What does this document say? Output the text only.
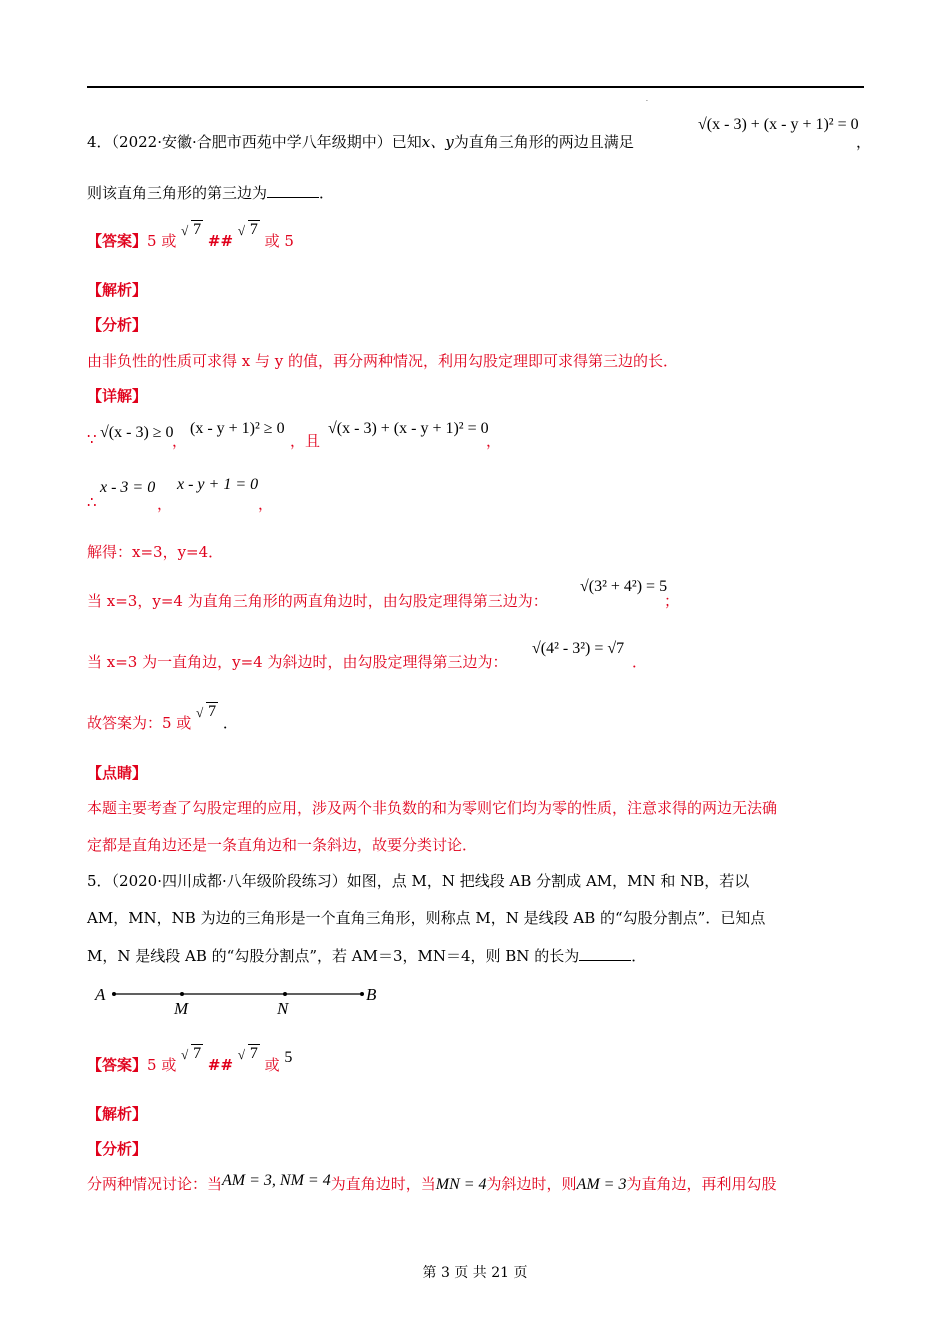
.
4．（2022·安徽·合肥市西苑中学八年级期中）已知x、y为直角三角形的两边且满足
√(x - 3) + (x - y + 1)² = 0
，
则该直角三角形的第三边为	．
【答案】5 或
√ 7 ##
√ 7 或 5
【解析】
【分析】
由非负性的性质可求得 x 与 y 的值，再分两种情况，利用勾股定理即可求得第三边的长．
【详解】
∵ √(x - 3) ≥ 0
，
(x - y + 1)² ≥ 0
，且
√(x - 3) + (x - y + 1)² = 0
，
∴
x - 3 = 0
，
x - y + 1 = 0
，
解得：x=3，y=4．
当 x=3，y=4 为直角三角形的两直角边时，由勾股定理得第三边为：
√(3² + 4²) = 5
；
当 x=3 为一直角边，y=4 为斜边时，由勾股定理得第三边为：
√(4² - 3²) = √7
．
故答案为：5 或
√ 7 ．
【点睛】
本题主要考查了勾股定理的应用，涉及两个非负数的和为零则它们均为零的性质，注意求得的两边无法确
定都是直角边还是一条直角边和一条斜边，故要分类讨论．
5．（2020·四川成都·八年级阶段练习）如图，点 M，N 把线段 AB 分割成 AM，MN 和 NB，若以
AM，MN，NB 为边的三角形是一个直角三角形，则称点 M，N 是线段 AB 的“勾股分割点”．已知点
M，N 是线段 AB 的“勾股分割点”，若 AM＝3，MN＝4，则 BN 的长为	．
A
M	N
B
【答案】5 或
√ 7 ##
√ 7 或 5
【解析】
【分析】
分两种情况讨论：当AM = 3, NM = 4为直角边时，当MN = 4为斜边时，则AM = 3为直角边，再利用勾股
第 3 页 共 21 页
